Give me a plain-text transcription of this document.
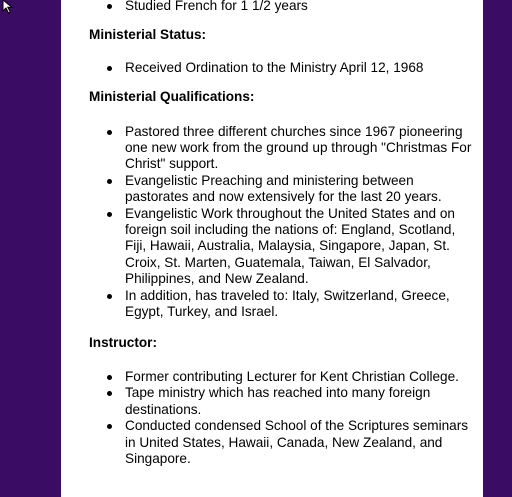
Studied French for 1 1/2 years
Ministerial Status:
Received Ordination to the Ministry April 12, 1968
Ministerial Qualifications:
Pastored three different churches since 1967 pioneering one new work from the ground up through "Christmas For Christ" support.
Evangelistic Preaching and ministering between pastorates and now extensively for the last 20 years.
Evangelistic Work throughout the United States and on foreign soil including the nations of: England, Scotland, Fiji, Hawaii, Australia, Malaysia, Singapore, Japan, St. Croix, St. Marten, Guatemala, Taiwan, El Salvador, Philippines, and New Zealand.
In addition, has traveled to: Italy, Switzerland, Greece, Egypt, Turkey, and Israel.
Instructor:
Former contributing Lecturer for Kent Christian College.
Tape ministry which has reached into many foreign destinations.
Conducted condensed School of the Scriptures seminars in United States, Hawaii, Canada, New Zealand, and Singapore.
